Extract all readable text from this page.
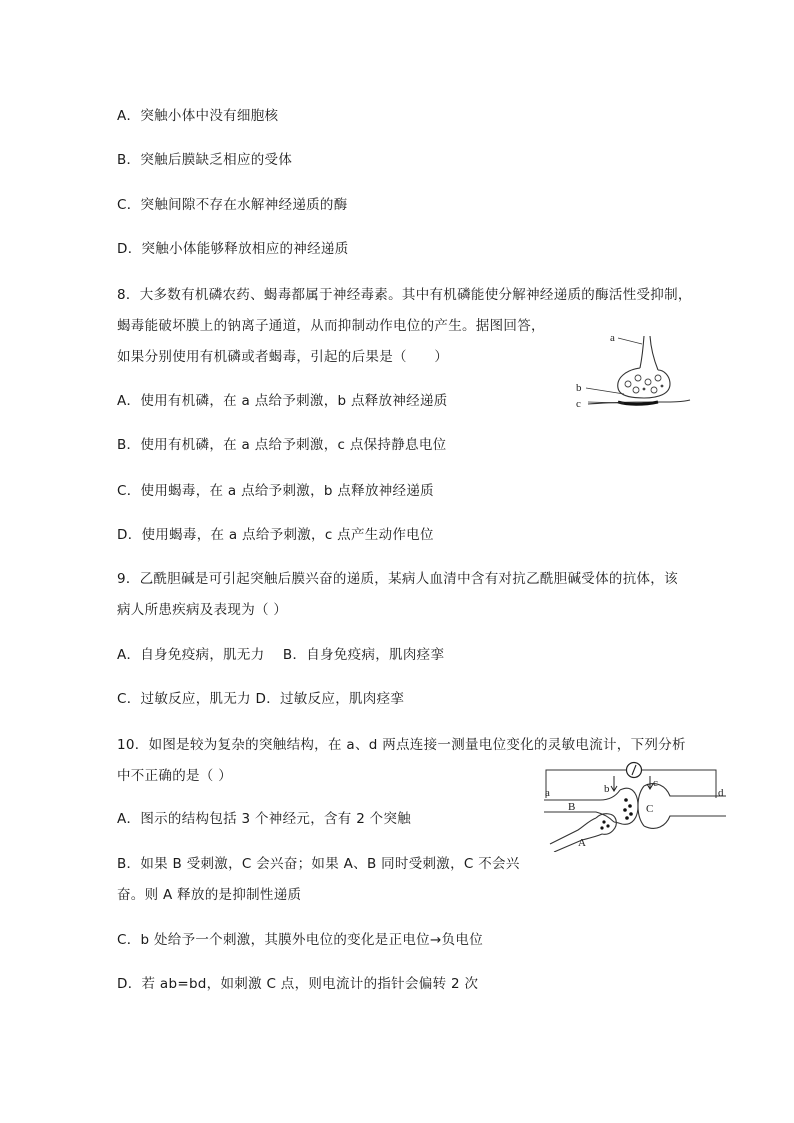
A．突触小体中没有细胞核
B．突触后膜缺乏相应的受体
C．突触间隙不存在水解神经递质的酶
D．突触小体能够释放相应的神经递质
8．大多数有机磷农药、蝎毒都属于神经毒素。其中有机磷能使分解神经递质的酶活性受抑制，
蝎毒能破坏膜上的钠离子通道，从而抑制动作电位的产生。据图回答，
如果分别使用有机磷或者蝎毒，引起的后果是（　　）
A．使用有机磷，在 a 点给予刺激，b 点释放神经递质
B．使用有机磷，在 a 点给予刺激，c 点保持静息电位
C．使用蝎毒，在 a 点给予刺激，b 点释放神经递质
D．使用蝎毒，在 a 点给予刺激，c 点产生动作电位
a
b
c
9．乙酰胆碱是可引起突触后膜兴奋的递质，某病人血清中含有对抗乙酰胆碱受体的抗体，该
病人所患疾病及表现为（ ）
A．自身免疫病，肌无力　 B．自身免疫病，肌肉痉挛
C．过敏反应，肌无力 D．过敏反应，肌肉痉挛
10．如图是较为复杂的突触结构，在 a、d 两点连接一测量电位变化的灵敏电流计，下列分析
中不正确的是（ ）
A．图示的结构包括 3 个神经元，含有 2 个突触
B．如果 B 受刺激，C 会兴奋；如果 A、B 同时受刺激，C 不会兴
奋。则 A 释放的是抑制性递质
C．b 处给予一个刺激，其膜外电位的变化是正电位→负电位
D．若 ab=bd，如刺激 C 点，则电流计的指针会偏转 2 次
a	b	c
d
B	C
A
